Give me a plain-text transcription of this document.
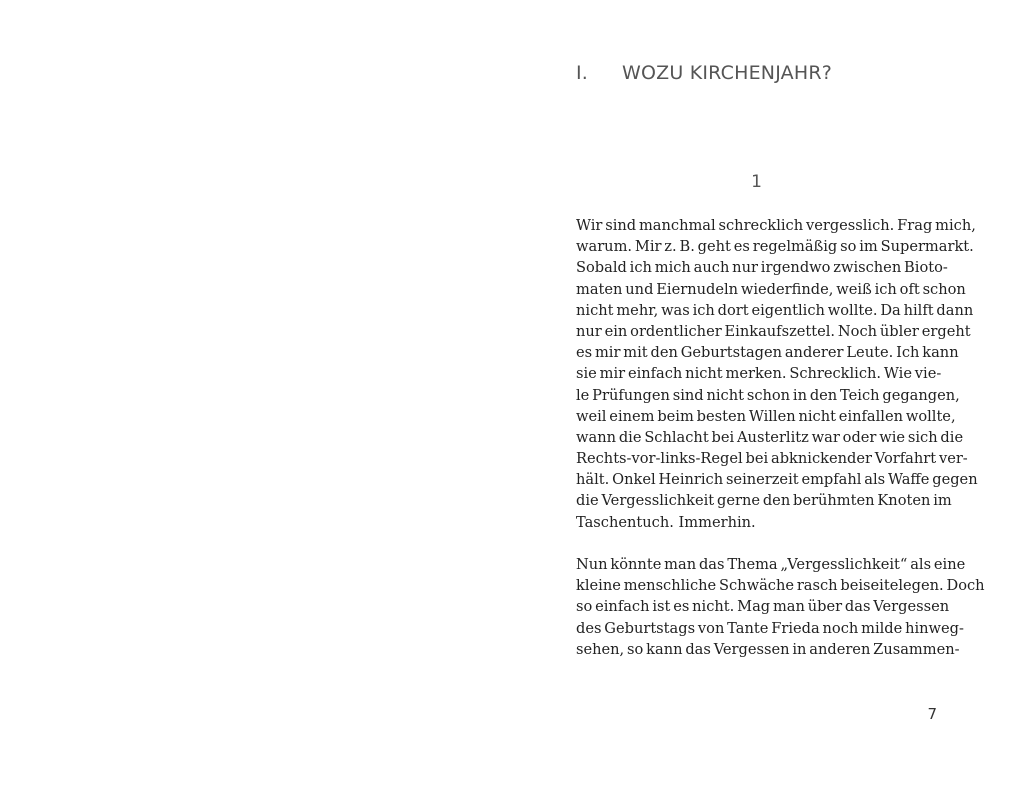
I. WOZU KIRCHENJAHR?
1
Wir sind manchmal schrecklich vergesslich. Frag mich,
warum. Mir z. B. geht es regelmäßig so im Supermarkt.
Sobald ich mich auch nur irgendwo zwischen Bioto-
maten und Eiernudeln wiederfinde, weiß ich oft schon
nicht mehr, was ich dort eigentlich wollte. Da hilft dann
nur ein ordentlicher Einkaufszettel. Noch übler ergeht
es mir mit den Geburtstagen anderer Leute. Ich kann
sie mir einfach nicht merken. Schrecklich. Wie vie-
le Prüfungen sind nicht schon in den Teich gegangen,
weil einem beim besten Willen nicht einfallen wollte,
wann die Schlacht bei Austerlitz war oder wie sich die
Rechts-vor-links-Regel bei abknickender Vorfahrt ver-
hält. Onkel Heinrich seinerzeit empfahl als Waffe gegen
die Vergesslichkeit gerne den berühmten Knoten im
Taschentuch. Immerhin.
Nun könnte man das Thema „Vergesslichkeit“ als eine
kleine menschliche Schwäche rasch beiseitelegen. Doch
so einfach ist es nicht. Mag man über das Vergessen
des Geburtstags von Tante Frieda noch milde hinweg-
sehen, so kann das Vergessen in anderen Zusammen-
7
